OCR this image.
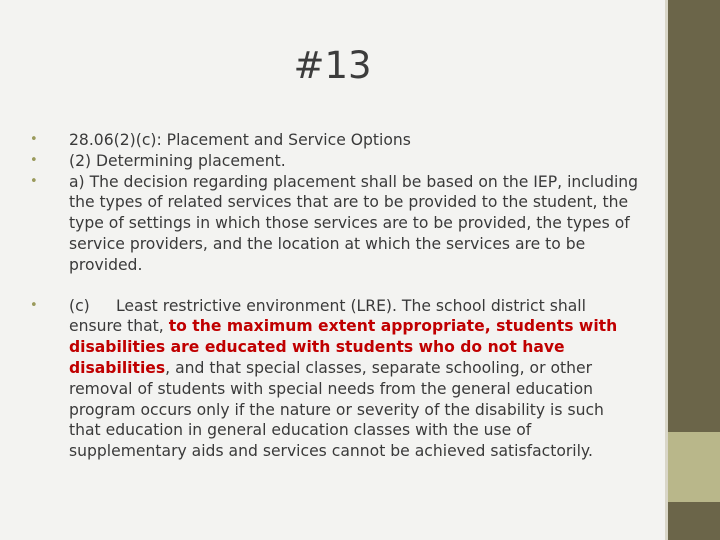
#13
• 28.06(2)(c): Placement and Service Options
• (2) Determining placement.
• a) The decision regarding placement shall be based on the IEP, including the types of related services that are to be provided to the student, the type of settings in which those services are to be provided, the types of service providers, and the location at which the services are to be provided.
• (c) Least restrictive environment (LRE). The school district shall ensure that, to the maximum extent appropriate, students with disabilities are educated with students who do not have disabilities, and that special classes, separate schooling, or other removal of students with special needs from the general education program occurs only if the nature or severity of the disability is such that education in general education classes with the use of supplementary aids and services cannot be achieved satisfactorily.
